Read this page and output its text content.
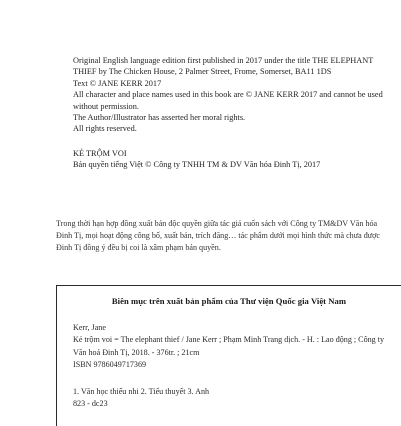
Original English language edition first published in 2017 under the title THE ELEPHANT THIEF by The Chicken House, 2 Palmer Street, Frome, Somerset, BA11 1DS

Text © JANE KERR 2017

All character and place names used in this book are © JANE KERR 2017 and cannot be used without permission.

The Author/Illustrator has asserted her moral rights.

All rights reserved.

KẺ TRỘM VOI

Bản quyền tiếng Việt © Công ty TNHH TM & DV Văn hóa Đinh Tị, 2017

Trong thời hạn hợp đồng xuất bản độc quyền giữa tác giả cuốn sách với Công ty TM&DV Văn hóa Đinh Tị, mọi hoạt động công bố, xuất bản, trích đăng… tác phẩm dưới mọi hình thức mà chưa được Đinh Tị đồng ý đều bị coi là xâm phạm bản quyền.

Biên mục trên xuất bản phẩm của Thư viện Quốc gia Việt Nam

Kerr, Jane

Kẻ trộm voi = The elephant thief / Jane Kerr ; Phạm Minh Trang dịch. - H. : Lao động ; Công ty Văn hoá Đinh Tị, 2018. - 376tr. ; 21cm

ISBN 9786049717369

1. Văn học thiếu nhi 2. Tiểu thuyết 3. Anh

823 - dc23
